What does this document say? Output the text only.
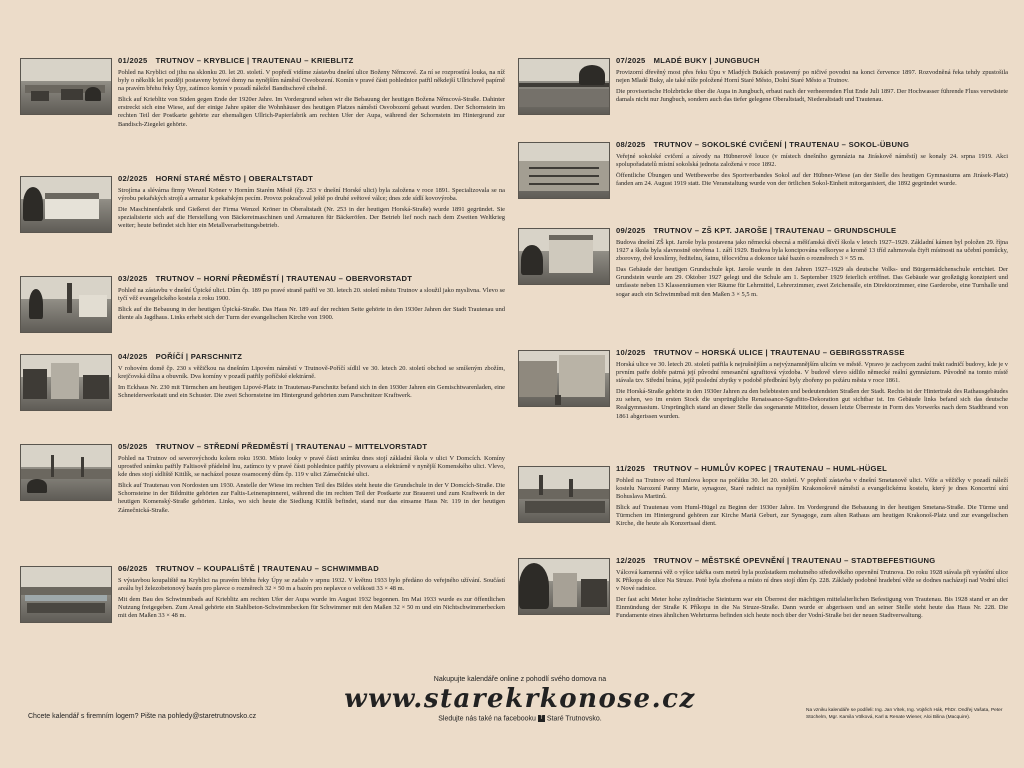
01/2025 TRUTNOV – KRYBLICE | TRAUTENAU – KRIEBLITZ

Pohled na Kryblici od jihu na sklonku 20. let 20. století. V popředí vidíme zástavbu dnešní ulice Boženy Němcové. Za ní se rozprostírá louka, na níž byly o několik let později postaveny bytové domy na nynějším náměstí Osvobození. Komín v pravé části pohlednice patřil někdejší Ullrichově papírně na pravém břehu řeky Úpy, zatímco komín v pozadí náležel Bandischově cihelně.

Blick auf Krieblitz von Süden gegen Ende der 1920er Jahre. Im Vordergrund sehen wir die Bebauung der heutigen Božena Němcová-Straße. Dahinter erstreckt sich eine Wiese, auf der einige Jahre später die Wohnhäuser des heutigen Platzes náměstí Osvobození gebaut wurden. Der Schornstein im rechten Teil der Postkarte gehörte zur ehemaligen Ullrich-Papierfabrik am rechten Ufer der Aupa, während der Schornstein im Hintergrund zur Bandisch-Ziegelei gehörte.

02/2025 HORNÍ STARÉ MĚSTO | OBERALTSTADT

Strojírna a slévárna firmy Wenzel Kröner v Horním Starém Městě (čp. 253 v dnešní Horské ulici) byla založena v roce 1891. Specializovala se na výrobu pekařských strojů a armatur k pekařským pecím. Provoz pokračoval ještě po druhé světové válce; dnes zde sídlí kovovýroba.

Die Maschinenfabrik und Gießerei der Firma Wenzel Kröner in Oberaltstadt (Nr. 253 in der heutigen Horská-Straße) wurde 1891 gegründet. Sie spezialisierte sich auf die Herstellung von Bäckereimaschinen und Armaturen für Bäckeröfen. Der Betrieb lief noch nach dem Zweiten Weltkrieg weiter; heute befindet sich hier ein Metallverarbeitungsbetrieb.

03/2025 TRUTNOV – HORNÍ PŘEDMĚSTÍ | TRAUTENAU – OBERVORSTADT

Pohled na zástavbu v dnešní Úpické ulici. Dům čp. 189 po pravé straně patřil ve 30. letech 20. století městu Trutnov a sloužil jako myslivna. Vlevo se tyčí věž evangelického kostela z roku 1900.

Blick auf die Bebauung in der heutigen Úpická-Straße. Das Haus Nr. 189 auf der rechten Seite gehörte in den 1930er Jahren der Stadt Trautenau und diente als Jagdhaus. Links erhebt sich der Turm der evangelischen Kirche von 1900.

04/2025 POŘÍČÍ | PARSCHNITZ

V rohovém domě čp. 230 s věžičkou na dnešním Lipovém náměstí v Trutnově-Poříčí sídlil ve 30. letech 20. století obchod se smíšeným zbožím, krejčovská dílna a obuvník. Dva komíny v pozadí patřily poříčské elektrárně.

Im Eckhaus Nr. 230 mit Türmchen am heutigen Lipové-Platz in Trautenau-Parschnitz befand sich in den 1930er Jahren ein Gemischtwarenladen, eine Schneiderwerkstatt und ein Schuster. Die zwei Schornsteine im Hintergrund gehörten zum Parschnitzer Kraftwerk.

05/2025 TRUTNOV – STŘEDNÍ PŘEDMĚSTÍ | TRAUTENAU – MITTELVORSTADT

Pohled na Trutnov od severovýchodu kolem roku 1930. Místo louky v pravé části snímku dnes stojí základní škola v ulici V Domcích. Komíny uprostřed snímku patřily Faltisově přádelně lnu, zatímco ty v pravé části pohlednice patřily pivovaru a elektrárně v nynější Komenského ulici. Vlevo, kde dnes stojí sídliště Kittlík, se nacházel pouze osamocený dům čp. 119 v ulici Zámečnické ulici.

Blick auf Trautenau von Nordosten um 1930. Anstelle der Wiese im rechten Teil des Bildes steht heute die Grundschule in der V Domcích-Straße. Die Schornsteine in der Bildmitte gehörten zur Faltis-Leinenspinnerei, während die im rechten Teil der Postkarte zur Brauerei und zum Kraftwerk in der heutigen Komenský-Straße gehörten. Links, wo sich heute die Siedlung Kittlík befindet, stand nur das einsame Haus Nr. 119 in der heutigen Zámečnická-Straße.

06/2025 TRUTNOV – KOUPALIŠTĚ | TRAUTENAU – SCHWIMMBAD

S výstavbou koupaliště na Kryblici na pravém břehu řeky Úpy se začalo v srpnu 1932. V květnu 1933 bylo předáno do veřejného užívání. Součástí areálu byl železobetonový bazén pro plavce o rozměrech 32 × 50 m a bazén pro neplavce o velikosti 33 × 48 m.

Mit dem Bau des Schwimmbads auf Krieblitz am rechten Ufer der Aupa wurde im August 1932 begonnen. Im Mai 1933 wurde es zur öffentlichen Nutzung freigegeben. Zum Areal gehörte ein Stahlbeton-Schwimmbecken für Schwimmer mit den Maßen 32 × 50 m und ein Nichtschwimmerbecken mit den Maßen 33 × 48 m.

07/2025 MLADÉ BUKY | JUNGBUCH

Provizorní dřevěný most přes řeku Úpu v Mladých Bukách postavený po ničivé povodni na konci července 1897. Rozvodněná řeka tehdy zpustošila nejen Mladé Buky, ale také níže položené Horní Staré Město, Dolní Staré Město a Trutnov.

Die provisorische Holzbrücke über die Aupa in Jungbuch, erbaut nach der verheerenden Flut Ende Juli 1897. Der Hochwasser führende Fluss verwüstete damals nicht nur Jungbuch, sondern auch das tiefer gelegene Oberaltstadt, Niederaltstadt und Trautenau.

08/2025 TRUTNOV – SOKOLSKÉ CVIČENÍ | TRAUTENAU – SOKOL-ÜBUNG

Veřejné sokolské cvičení a závody na Hübnerově louce (v místech dnešního gymnázia na Jiráskově náměstí) se konaly 24. srpna 1919. Akci spolupořadatelů místní sokolská jednota založená v roce 1892.

Öffentliche Übungen und Wettbewerbe des Sportverbandes Sokol auf der Hübner-Wiese (an der Stelle des heutigen Gymnasiums am Jirásek-Platz) fanden am 24. August 1919 statt. Die Veranstaltung wurde von der örtlichen Sokol-Einheit mitorganisiert, die 1892 gegründet wurde.

09/2025 TRUTNOV – ZŠ KPT. JAROŠE | TRAUTENAU – GRUNDSCHULE

Budova dnešní ZŠ kpt. Jaroše byla postavena jako německá obecná a měšťanská dívčí škola v letech 1927–1929. Základní kámen byl položen 29. října 1927 a škola byla slavnostně otevřena 1. září 1929. Budova byla koncipována velkoryse a kromě 13 tříd zahrnovala čtyři místnosti na učební pomůcky, zborovny, dvě kreslírny, ředitelnu, šatnu, tělocvičnu a dokonce také bazén o rozměrech 3 × 55 m.

Das Gebäude der heutigen Grundschule kpt. Jaroše wurde in den Jahren 1927–1929 als deutsche Volks- und Bürgermädchenschule errichtet. Der Grundstein wurde am 29. Oktober 1927 gelegt und die Schule am 1. September 1929 feierlich eröffnet. Das Gebäude war großzügig konzipiert und umfasste neben 13 Klassenräumen vier Räume für Lehrmittel, Lehrerzimmer, zwei Zeichensäle, ein Direktorzimmer, eine Garderobe, eine Turnhalle und sogar auch ein Schwimmbad mit den Maßen 3 × 5,5 m.

10/2025 TRUTNOV – HORSKÁ ULICE | TRAUTENAU – GEBIRGSSTRASSE

Horská ulice ve 30. letech 20. století patřila k nejrušnějším a nejvýznamnějším ulicím ve městě. Vpravo je zachycen zadní trakt radničí budovy, kde je v prvním patře dobře patrná její původní renesanční sgrafitová výzdoba. V budově vlevo sídlilo německé reální gymnázium. Původně na tomto místě stávala tzv. Střední brána, jejíž poslední zbytky v podobě předbrání byly zbořeny po požáru města v roce 1861.

Die Horská-Straße gehörte in den 1930er Jahren zu den belebtesten und bedeutendsten Straßen der Stadt. Rechts ist der Hintertrakt des Rathausgebäudes zu sehen, wo im ersten Stock die ursprüngliche Renaissance-Sgrafitto-Dekoration gut sichtbar ist. Im Gebäude links befand sich das deutsche Realgymnasium. Ursprünglich stand an dieser Stelle das sogenannte Mitteltor, dessen letzte Überreste in Form des Vorwerks nach dem Stadtbrand von 1861 abgerissen wurden.

11/2025 TRUTNOV – HUMLŮV KOPEC | TRAUTENAU – HUML-HÜGEL

Pohled na Trutnov od Humlova kopce na počátku 30. let 20. století. V popředí zástavba v dnešní Smetanově ulici. Věže a věžičky v pozadí náleží kostelu Narození Panny Marie, synagoze, Staré radnici na nynějším Krakonošově náměstí a evangelickému kostelu, který je dnes Koncertní síní Bohuslava Martinů.

Blick auf Trautenau vom Huml-Hügel zu Beginn der 1930er Jahre. Im Vordergrund die Bebauung in der heutigen Smetana-Straße. Die Türme und Türmchen im Hintergrund gehören zur Kirche Mariä Geburt, zur Synagoge, zum alten Rathaus am heutigen Krakonoš-Platz und zur evangelischen Kirche, die heute als Konzertsaal dient.

12/2025 TRUTNOV – MĚSTSKÉ OPEVNĚNÍ | TRAUTENAU – STADTBEFESTIGUNG

Válcová kamenná věž o výšce takřka osm metrů byla pozůstatkem mohutného středověkého opevnění Trutnova. Do roku 1928 stávala při vyústění ulice K Příkopu do ulice Na Struze. Poté byla zbořena a místo ní dnes stojí dům čp. 228. Základy podobné hradební věže se dodnes nacházejí nad Vodní ulicí v Nové radnice.

Der fast acht Meter hohe zylindrische Steinturm war ein Überrest der mächtigen mittelalterlichen Befestigung von Trautenau. Bis 1928 stand er an der Einmündung der Straße K Příkopu in die Na Struze-Straße. Dann wurde er abgerissen und an seiner Stelle steht heute das Haus Nr. 228. Die Fundamente eines ähnlichen Wehrturms befinden sich heute noch über der Vodní-Straße bei der neuen Stadtverwaltung.

Nakupujte kalendáře online z pohodlí svého domova na
www.starekrkonose.cz
Sledujte nás také na facebooku f Staré Trutnovsko.
Chcete kalendář s firemním logem? Pište na pohledy@staretrutnovsko.cz
Na vzniku kalendáře se podíleli: Ing. Jan Vítek, Ing. Vojtěch Hák, PhDr. Ondřej Vašata, Peter Stüchelm, Mgr. Kamila Völková, Karl & Renate Wiener, Aloi Bilina (Macquire).
